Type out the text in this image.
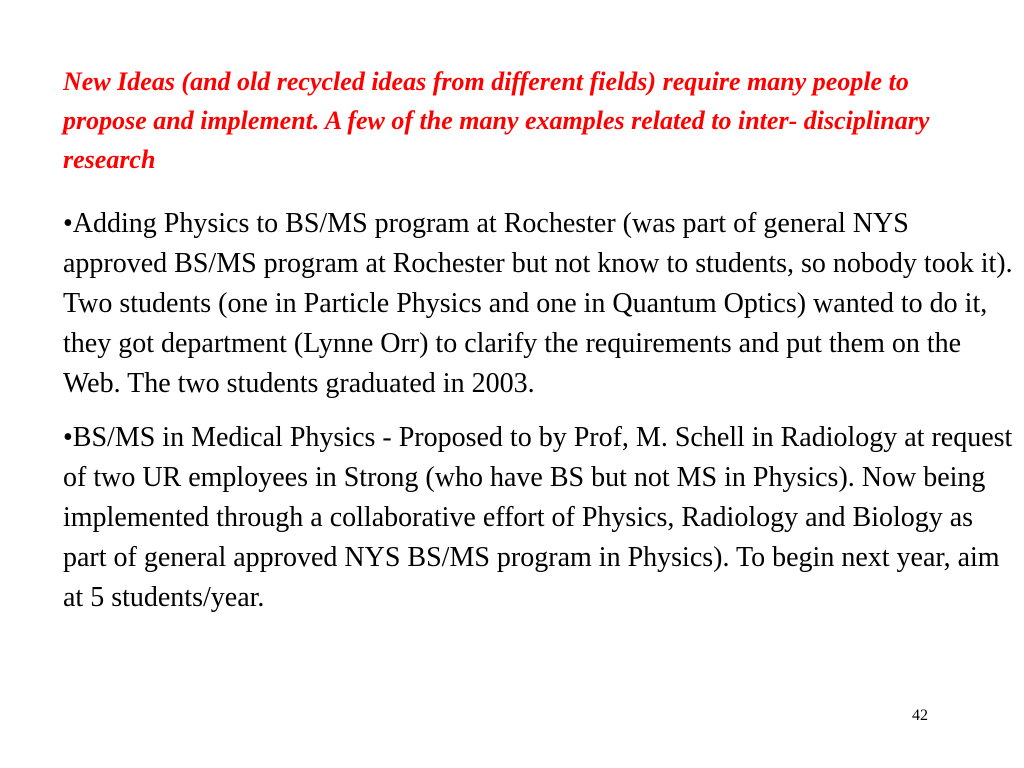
New Ideas (and old recycled ideas from different fields) require many people to propose and implement. A few of the many examples related to inter- disciplinary research

•Adding Physics to BS/MS program at Rochester (was part of general NYS approved BS/MS program at Rochester but not know to students, so nobody took it). Two students (one in Particle Physics and one in Quantum Optics) wanted to do it, they got department (Lynne Orr) to clarify the requirements and put them on the Web. The two students graduated in 2003.
•BS/MS in Medical Physics - Proposed to by Prof, M. Schell in Radiology at request of two UR employees in Strong (who have BS but not MS in Physics). Now being implemented through a collaborative effort of Physics, Radiology and Biology as part of general approved NYS BS/MS program in Physics). To begin next year, aim at 5 students/year.
42
